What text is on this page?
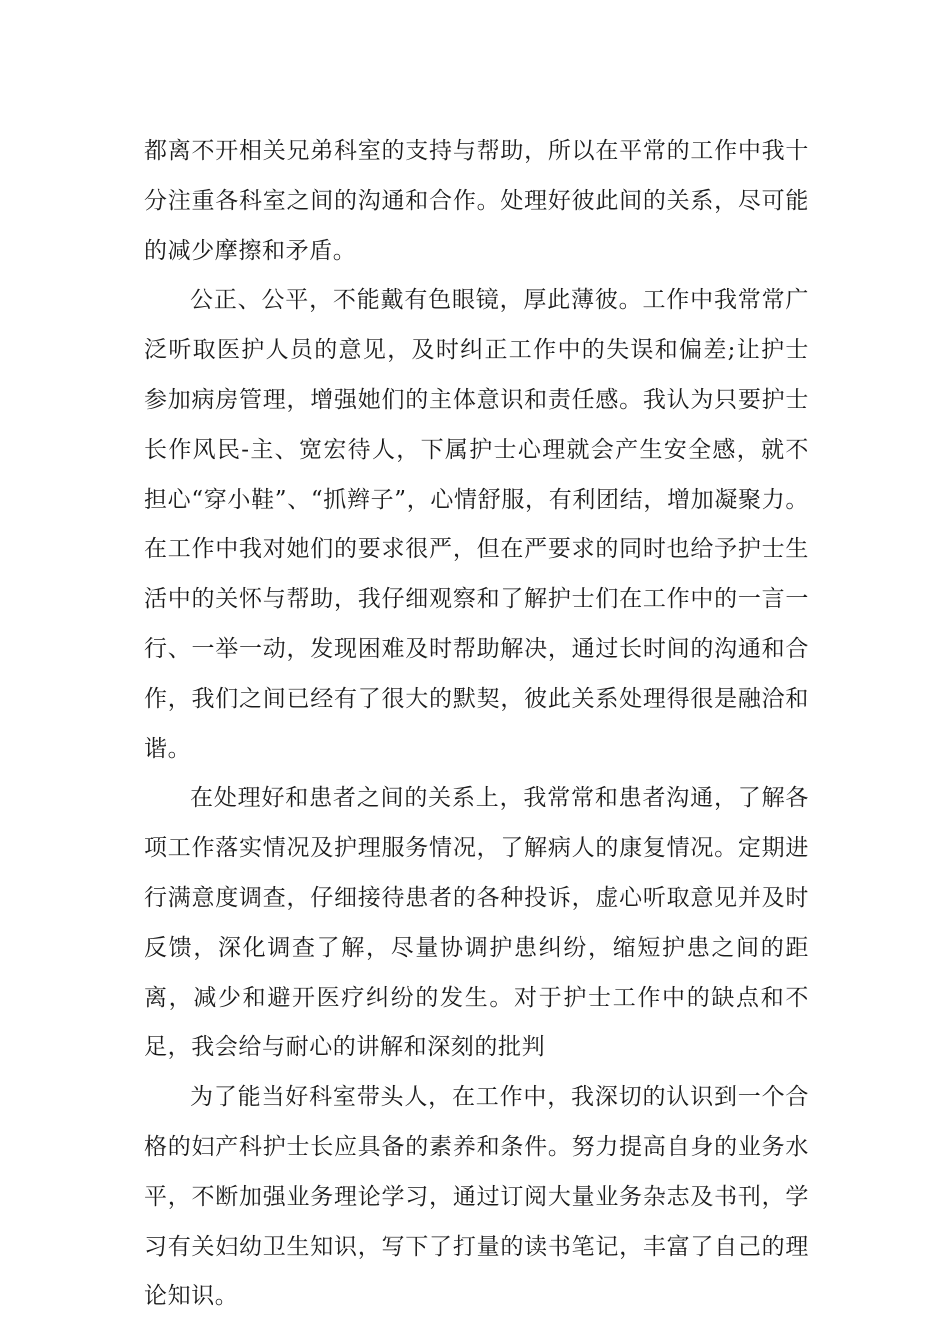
都离不开相关兄弟科室的支持与帮助，所以在平常的工作中我十分注重各科室之间的沟通和合作。处理好彼此间的关系，尽可能的减少摩擦和矛盾。

公正、公平，不能戴有色眼镜，厚此薄彼。工作中我常常广泛听取医护人员的意见，及时纠正工作中的失误和偏差;让护士参加病房管理，增强她们的主体意识和责任感。我认为只要护士长作风民-主、宽宏待人，下属护士心理就会产生安全感，就不担心“穿小鞋”、“抓辫子”，心情舒服，有利团结，增加凝聚力。在工作中我对她们的要求很严，但在严要求的同时也给予护士生活中的关怀与帮助，我仔细观察和了解护士们在工作中的一言一行、一举一动，发现困难及时帮助解决，通过长时间的沟通和合作，我们之间已经有了很大的默契，彼此关系处理得很是融洽和谐。

在处理好和患者之间的关系上，我常常和患者沟通，了解各项工作落实情况及护理服务情况，了解病人的康复情况。定期进行满意度调查，仔细接待患者的各种投诉，虚心听取意见并及时反馈，深化调查了解，尽量协调护患纠纷，缩短护患之间的距离，减少和避开医疗纠纷的发生。对于护士工作中的缺点和不足，我会给与耐心的讲解和深刻的批判

为了能当好科室带头人，在工作中，我深切的认识到一个合格的妇产科护士长应具备的素养和条件。努力提高自身的业务水平，不断加强业务理论学习，通过订阅大量业务杂志及书刊，学习有关妇幼卫生知识，写下了打量的读书笔记，丰富了自己的理论知识。
